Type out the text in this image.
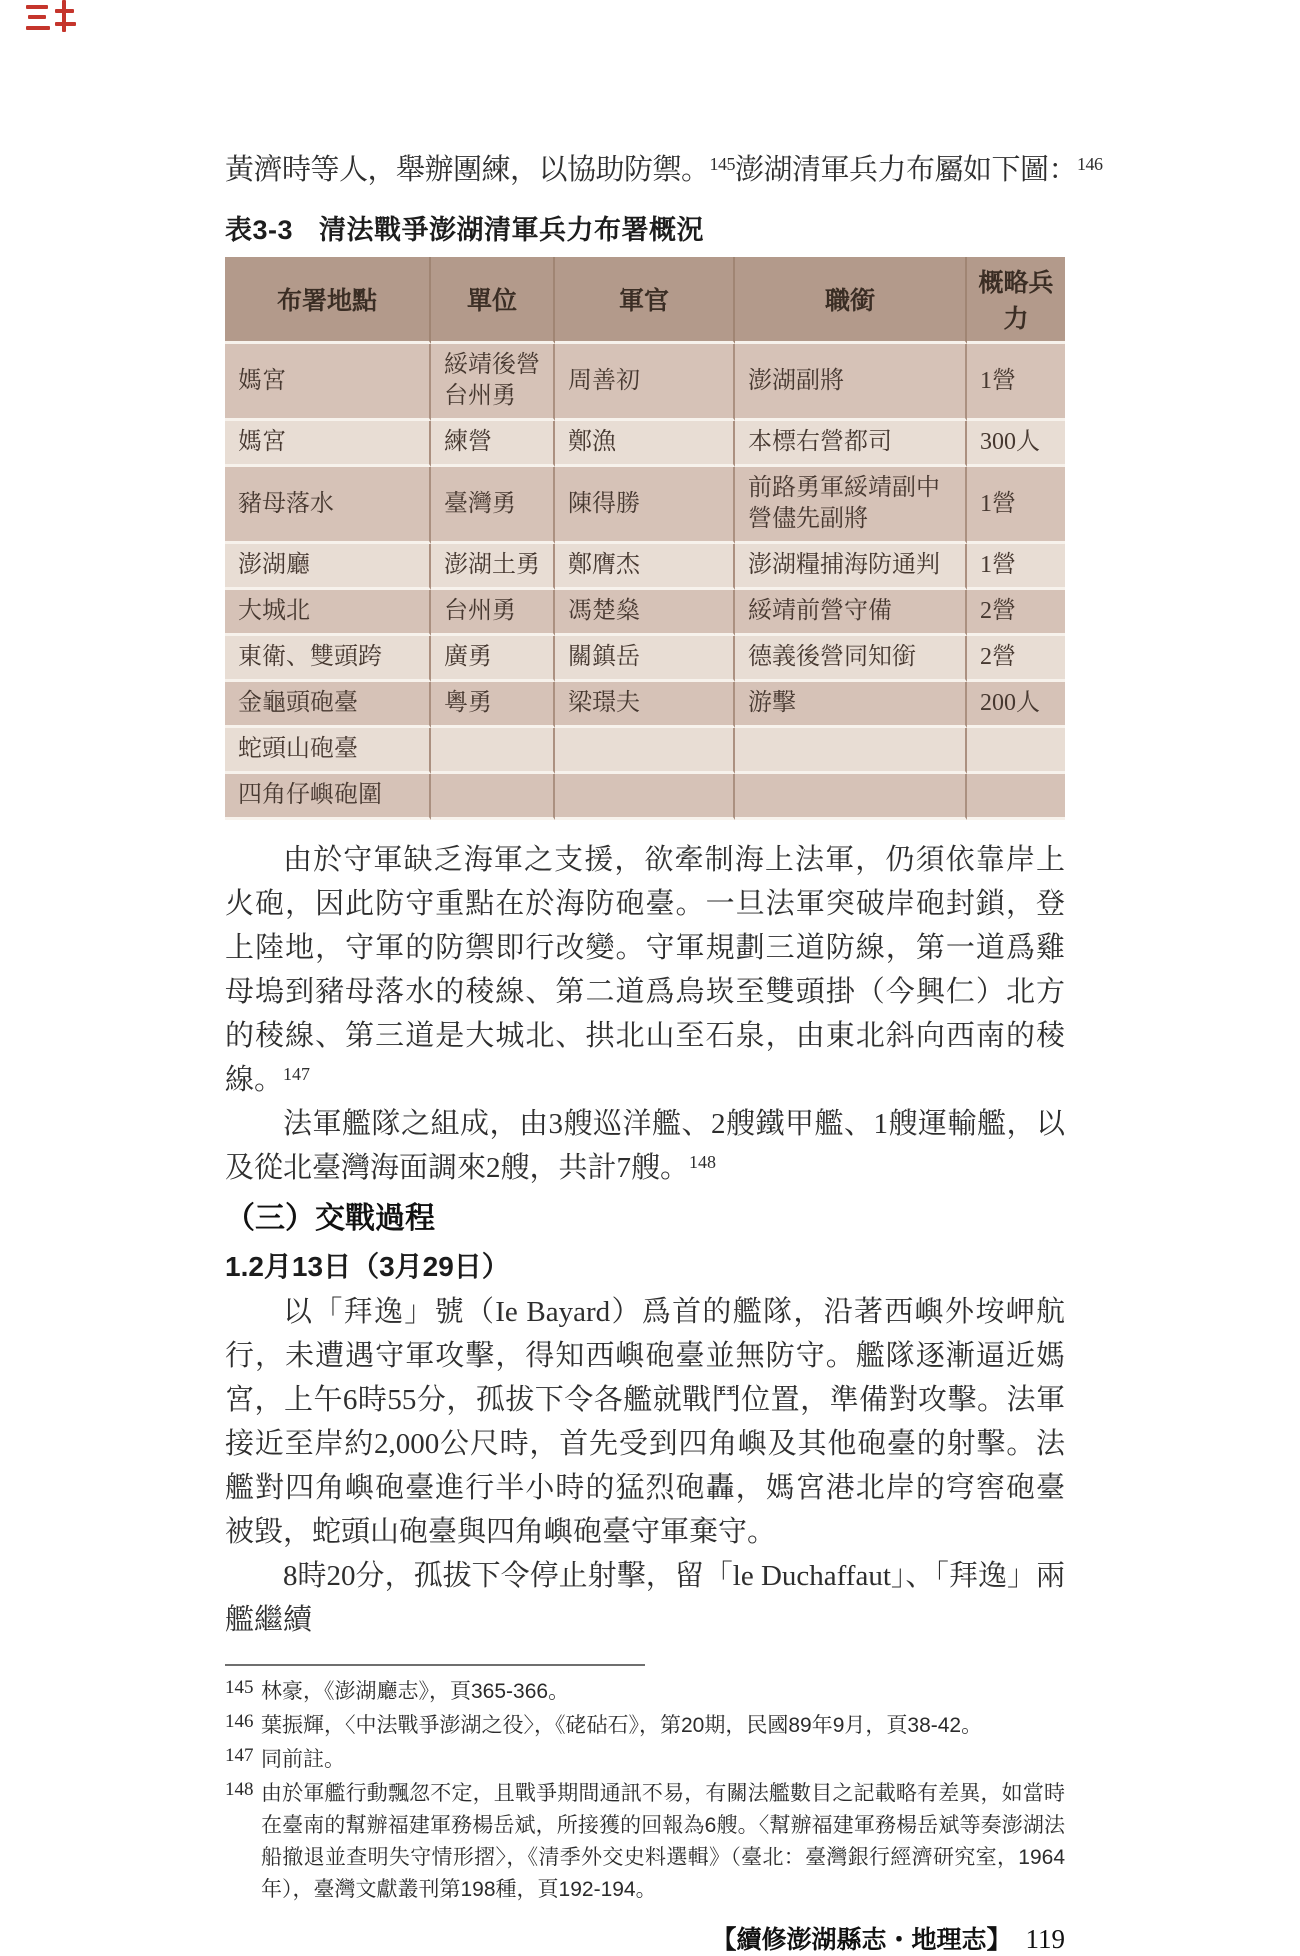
黃濟時等人，舉辦團練，以協助防禦。$^{145}$澎湖清軍兵力布屬如下圖：$^{146}$

表3-3 清法戰爭澎湖清軍兵力布署概況
布署地點	單位	軍官	職銜	概略兵力
媽宮	綏靖後營台州勇	周善初	澎湖副將	1營
媽宮	練營	鄭漁	本標右營都司	300人
豬母落水	臺灣勇	陳得勝	前路勇軍綏靖副中營儘先副將	1營
澎湖廳	澎湖土勇	鄭膺杰	澎湖糧捕海防通判	1營
大城北	台州勇	馮楚燊	綏靖前營守備	2營
東衛、雙頭跨	廣勇	關鎮岳	德義後營同知銜	2營
金龜頭砲臺	粵勇	梁璟夫	游擊	200人
蛇頭山砲臺				
四角仔嶼砲圍				

由於守軍缺乏海軍之支援，欲牽制海上法軍，仍須依靠岸上火砲，因此防守重點在於海防砲臺。一旦法軍突破岸砲封鎖，登上陸地，守軍的防禦即行改變。守軍規劃三道防線，第一道爲雞母塢到豬母落水的稜線、第二道爲烏崁至雙頭掛（今興仁）北方的稜線、第三道是大城北、拱北山至石泉，由東北斜向西南的稜線。$^{147}$

法軍艦隊之組成，由3艘巡洋艦、2艘鐵甲艦、1艘運輸艦，以及從北臺灣海面調來2艘，共計7艘。$^{148}$

（三）交戰過程
1.2月13日（3月29日）

以「拜逸」號（Ie Bayard）爲首的艦隊，沿著西嶼外垵岬航行，未遭遇守軍攻擊，得知西嶼砲臺並無防守。艦隊逐漸逼近媽宮，上午6時55分，孤拔下令各艦就戰鬥位置，準備對攻擊。法軍接近至岸約2,000公尺時，首先受到四角嶼及其他砲臺的射擊。法艦對四角嶼砲臺進行半小時的猛烈砲轟，媽宮港北岸的穹窖砲臺被毀，蛇頭山砲臺與四角嶼砲臺守軍棄守。

8時20分，孤拔下令停止射擊，留「le Duchaffaut」、「拜逸」兩艦繼續

145 林豪，《澎湖廳志》，頁365-366。
146 葉振輝，〈中法戰爭澎湖之役〉，《硓砧石》，第20期，民國89年9月，頁38-42。
147 同前註。
148 由於軍艦行動飄忽不定，且戰爭期間通訊不易，有關法艦數目之記載略有差異，如當時在臺南的幫辦福建軍務楊岳斌，所接獲的回報為6艘。〈幫辦福建軍務楊岳斌等奏澎湖法船撤退並查明失守情形摺〉，《清季外交史料選輯》（臺北：臺灣銀行經濟研究室，1964年），臺灣文獻叢刊第198種，頁192-194。
【續修澎湖縣志・地理志】 119
